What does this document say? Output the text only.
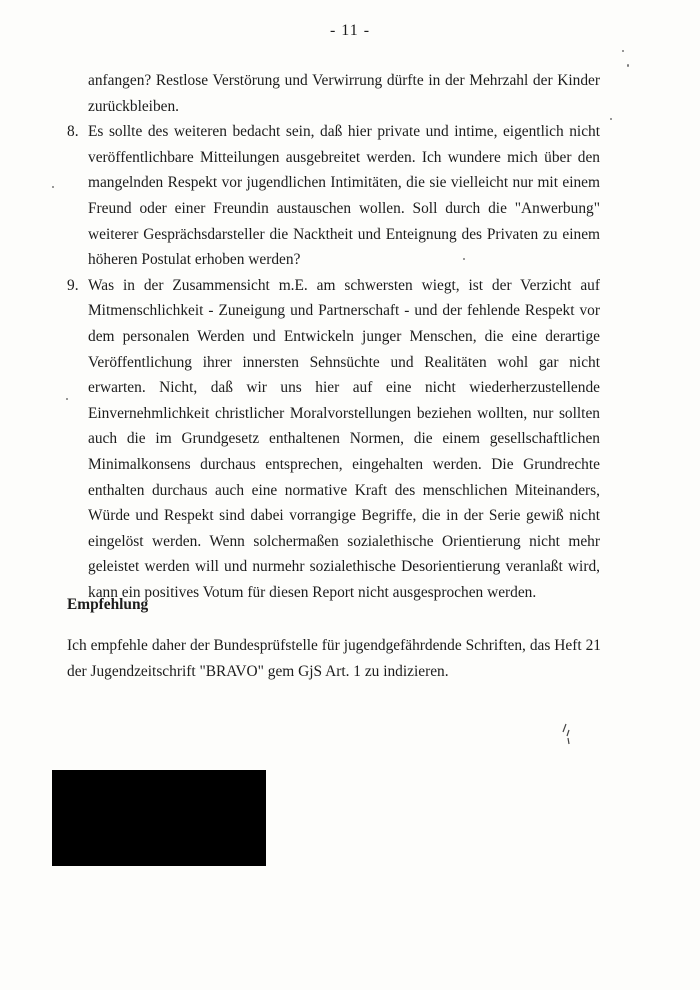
- 11 -

anfangen? Restlose Verstörung und Verwirrung dürfte in der Mehrzahl der Kinder zurückbleiben.

8. Es sollte des weiteren bedacht sein, daß hier private und intime, eigentlich nicht veröffentlichbare Mitteilungen ausgebreitet werden. Ich wundere mich über den mangelnden Respekt vor jugendlichen Intimitäten, die sie vielleicht nur mit einem Freund oder einer Freundin austauschen wollen. Soll durch die "Anwerbung" weiterer Gesprächsdarsteller die Nacktheit und Enteignung des Privaten zu einem höheren Postulat erhoben werden?

9. Was in der Zusammensicht m.E. am schwersten wiegt, ist der Verzicht auf Mitmenschlichkeit - Zuneigung und Partnerschaft - und der fehlende Respekt vor dem personalen Werden und Entwickeln junger Menschen, die eine derartige Veröffentlichung ihrer innersten Sehnsüchte und Realitäten wohl gar nicht erwarten. Nicht, daß wir uns hier auf eine nicht wiederherzustellende Einvernehmlichkeit christlicher Moralvorstellungen beziehen wollten, nur sollten auch die im Grundgesetz enthaltenen Normen, die einem gesellschaftlichen Minimalkonsens durchaus entsprechen, eingehalten werden. Die Grundrechte enthalten durchaus auch eine normative Kraft des menschlichen Miteinanders, Würde und Respekt sind dabei vorrangige Begriffe, die in der Serie gewiß nicht eingelöst werden. Wenn solchermaßen sozialethische Orientierung nicht mehr geleistet werden will und nurmehr sozialethische Desorientierung veranlaßt wird, kann ein positives Votum für diesen Report nicht ausgesprochen werden.

Empfehlung

Ich empfehle daher der Bundesprüfstelle für jugendgefährdende Schriften, das Heft 21 der Jugendzeitschrift "BRAVO" gem GjS Art. 1 zu indizieren.
